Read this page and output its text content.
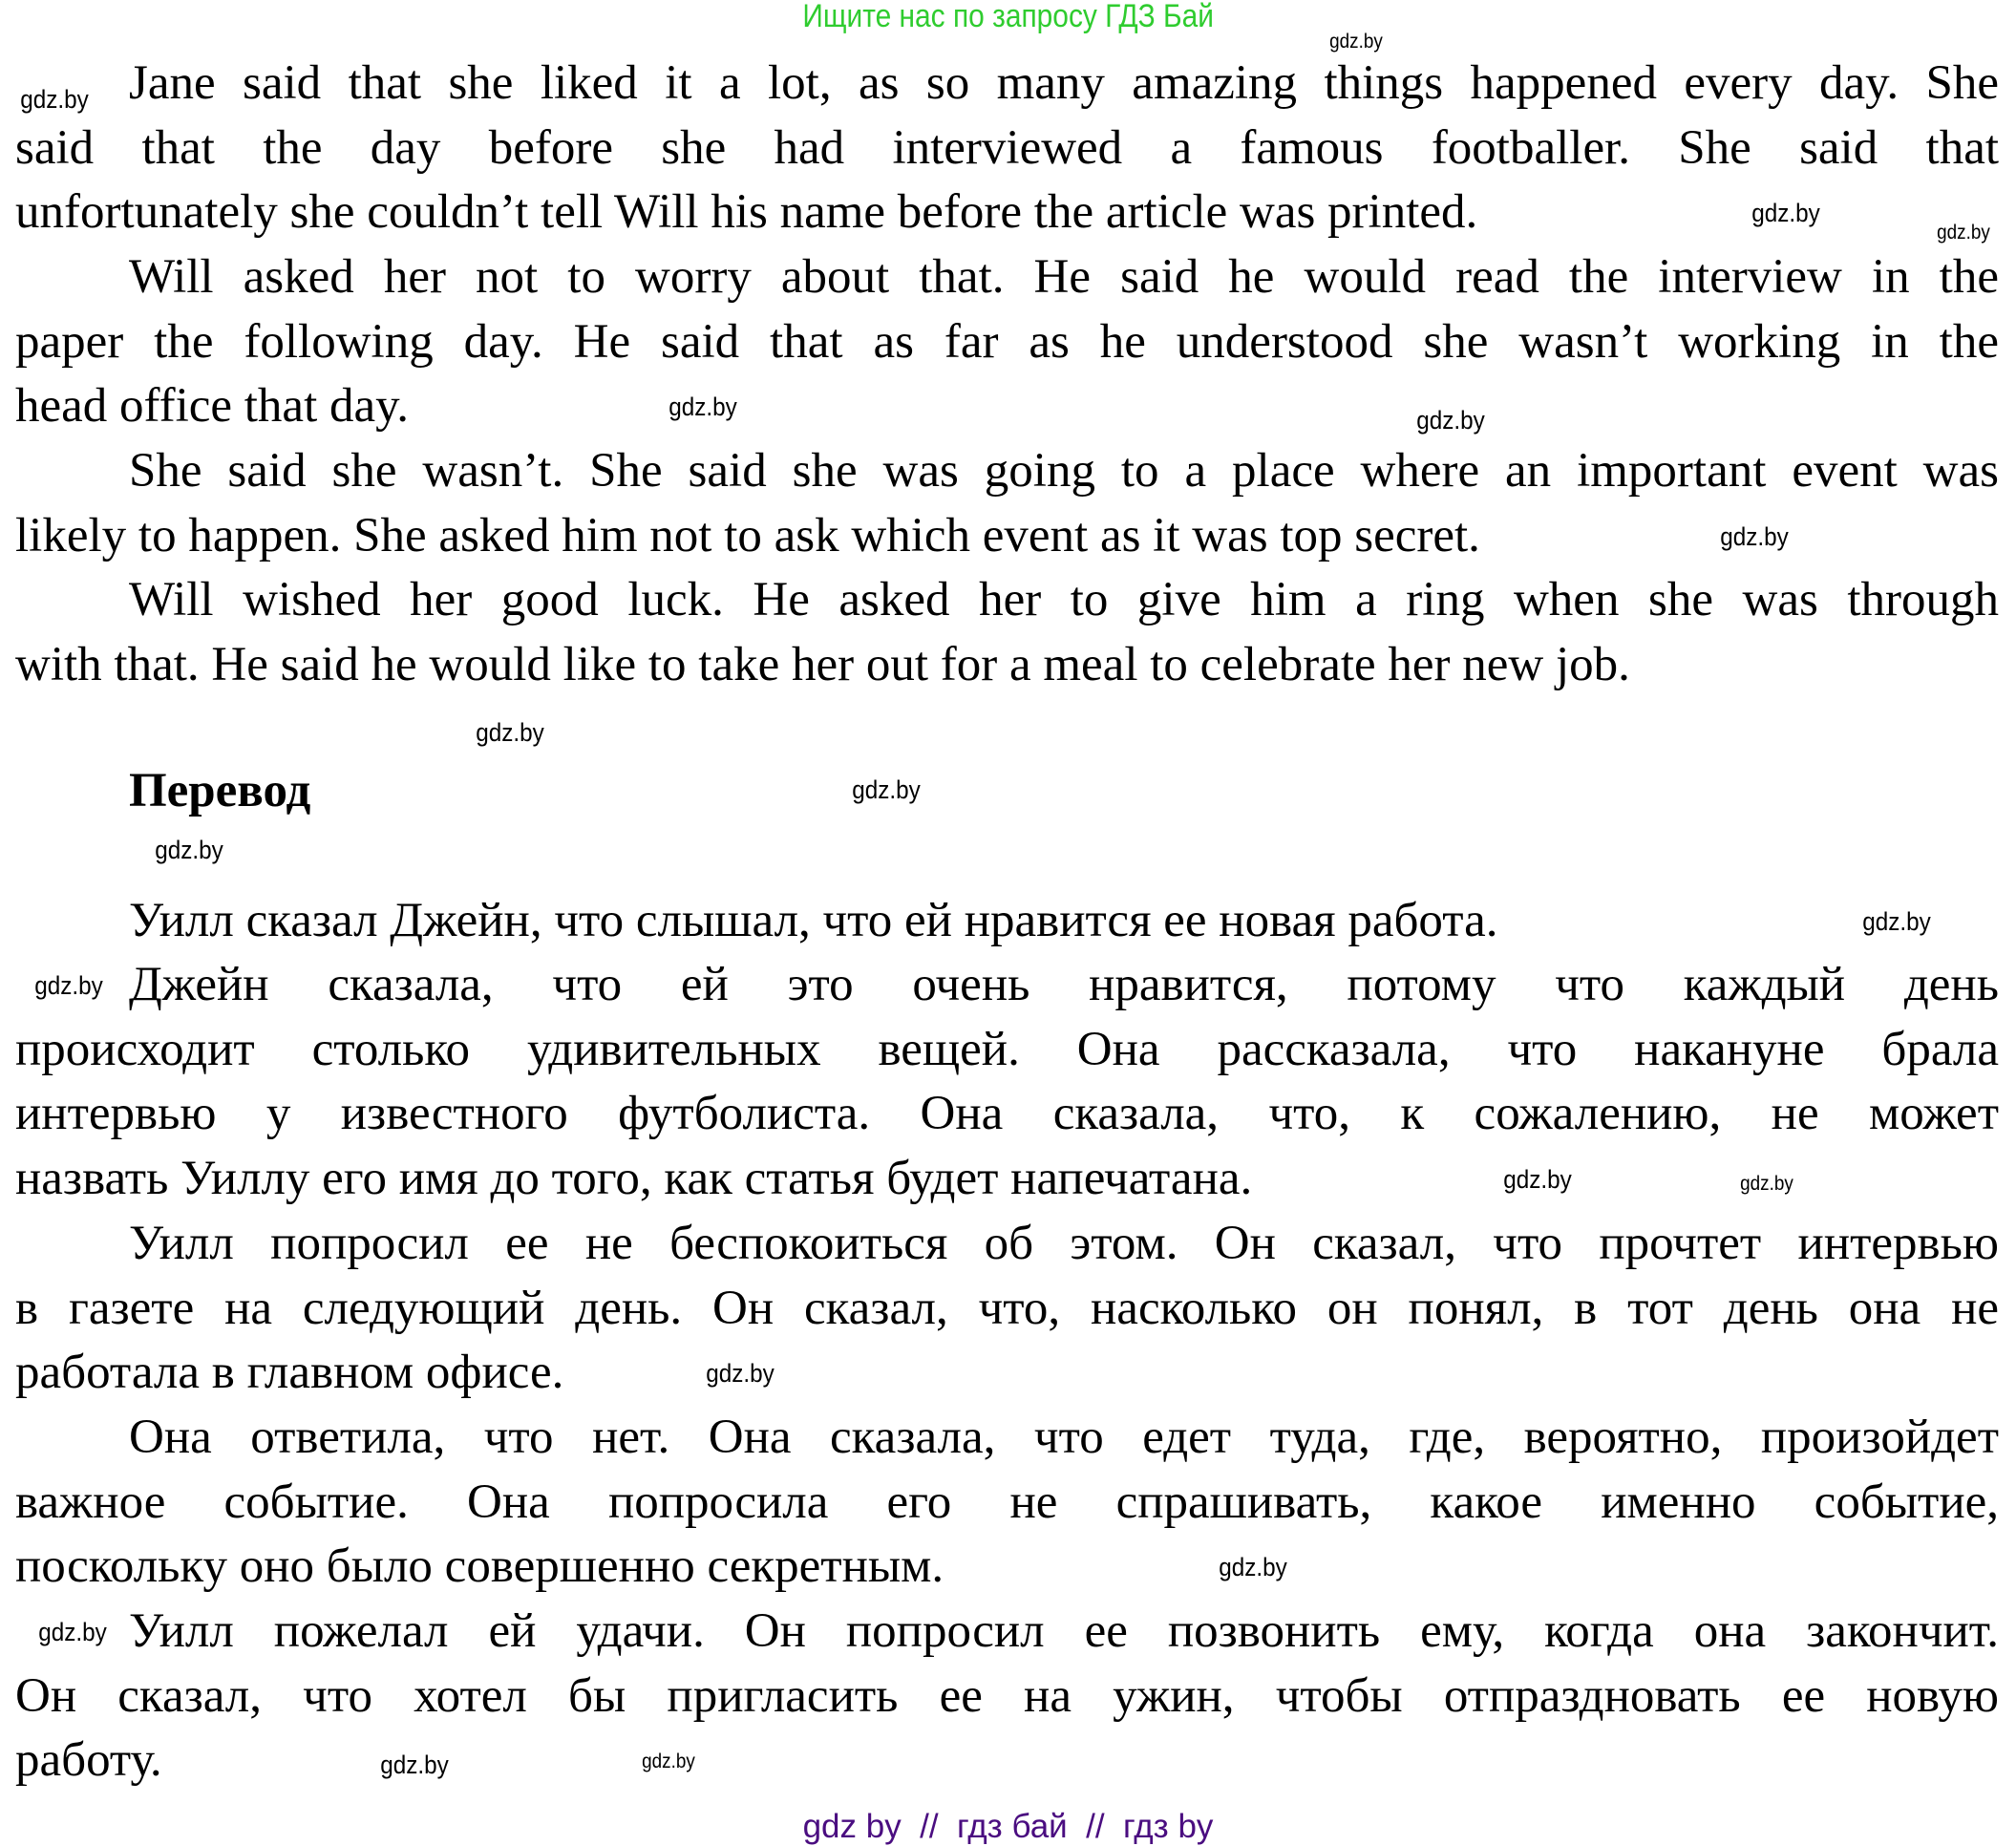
Ищите нас по запросу ГДЗ Бай
Jane said that she liked it a lot, as so many amazing things happened every day. She
said that the day before she had interviewed a famous footballer. She said that
unfortunately she couldn’t tell Will his name before the article was printed.
Will asked her not to worry about that. He said he would read the interview in the
paper the following day. He said that as far as he understood she wasn’t working in the
head office that day.
She said she wasn’t. She said she was going to a place where an important event was
likely to happen. She asked him not to ask which event as it was top secret.
Will wished her good luck. He asked her to give him a ring when she was through
with that. He said he would like to take her out for a meal to celebrate her new job.
Уилл сказал Джейн, что слышал, что ей нравится ее новая работа.
Джейн сказала, что ей это очень нравится, потому что каждый день
происходит столько удивительных вещей. Она рассказала, что накануне брала
интервью у известного футболиста. Она сказала, что, к сожалению, не может
назвать Уиллу его имя до того, как статья будет напечатана.
Уилл попросил ее не беспокоиться об этом. Он сказал, что прочтет интервью
в газете на следующий день. Он сказал, что, насколько он понял, в тот день она не
работала в главном офисе.
Она ответила, что нет. Она сказала, что едет туда, где, вероятно, произойдет
важное событие. Она попросила его не спрашивать, какое именно событие,
поскольку оно было совершенно секретным.
Уилл пожелал ей удачи. Он попросил ее позвонить ему, когда она закончит.
Он сказал, что хотел бы пригласить ее на ужин, чтобы отпраздновать ее новую
работу.
Перевод
gdz.by
gdz.by
gdz.by
gdz.by
gdz.by	gdz.by
gdz.by
gdz.by
gdz.by
gdz.by
gdz.by
gdz.by
gdz.by
gdz.by
gdz.by
gdz.by
gdz.by
gdz.by
gdz.by
gdz by  //  гдз бай  //  гдз by
